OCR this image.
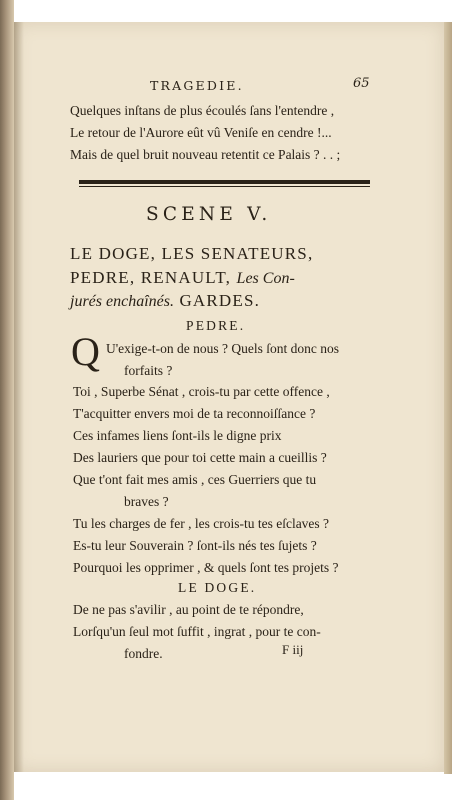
TRAGEDIE.	65
Quelques inſtans de plus écoulés ſans l'entendre ,
Le retour de l'Aurore eût vû Veniſe en cendre !...
Mais de quel bruit nouveau retentit ce Palais ? . . ;
SCENE V.
LE DOGE, LES SENATEURS,
PEDRE, RENAULT, Les Con-
jurés enchaînés. GARDES.
PEDRE.
Q U'exige-t-on de nous ? Quels ſont donc nos
forfaits ?
Toi , Superbe Sénat , crois-tu par cette offence ,
T'acquitter envers moi de ta reconnoiſſance ?
Ces infames liens ſont-ils le digne prix
Des lauriers que pour toi cette main a cueillis ?
Que t'ont fait mes amis , ces Guerriers que tu
braves ?
Tu les charges de fer , les crois-tu tes eſclaves ?
Es-tu leur Souverain ? ſont-ils nés tes ſujets ?
Pourquoi les opprimer , & quels ſont tes projets ?
LE DOGE.
De ne pas s'avilir , au point de te répondre,
Lorſqu'un ſeul mot ſuffit , ingrat , pour te con-
fondre.	F iij
